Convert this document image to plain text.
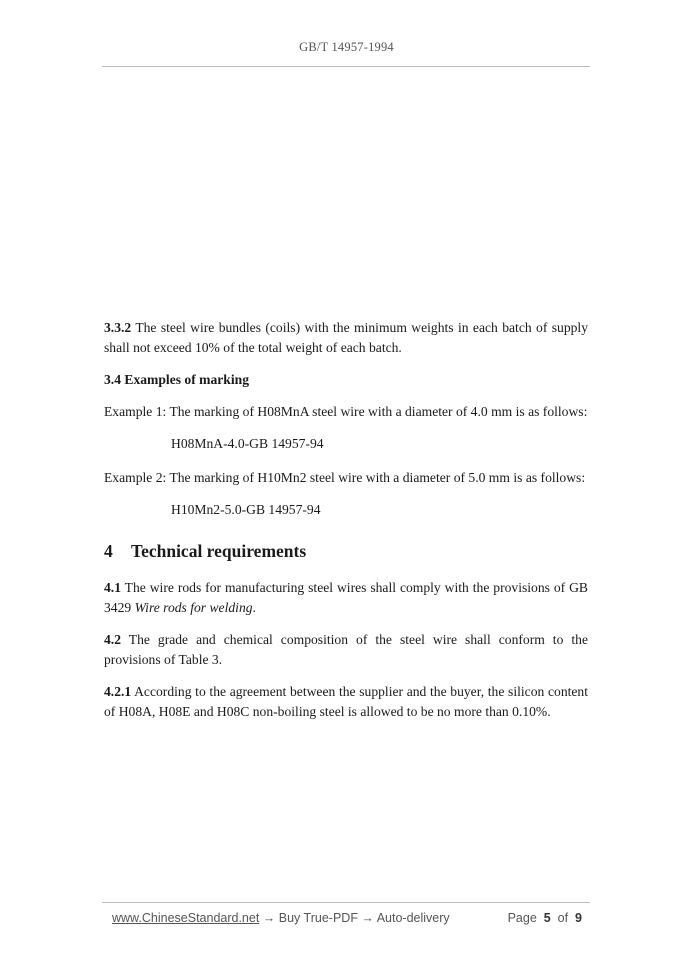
GB/T 14957-1994

3.3.2 The steel wire bundles (coils) with the minimum weights in each batch of supply shall not exceed 10% of the total weight of each batch.

3.4 Examples of marking

Example 1: The marking of H08MnA steel wire with a diameter of 4.0 mm is as follows:

H08MnA-4.0-GB 14957-94

Example 2: The marking of H10Mn2 steel wire with a diameter of 5.0 mm is as follows:

H10Mn2-5.0-GB 14957-94

4 Technical requirements

4.1 The wire rods for manufacturing steel wires shall comply with the provisions of GB 3429 Wire rods for welding.

4.2 The grade and chemical composition of the steel wire shall conform to the provisions of Table 3.

4.2.1 According to the agreement between the supplier and the buyer, the silicon content of H08A, H08E and H08C non-boiling steel is allowed to be no more than 0.10%.

www.ChineseStandard.net → Buy True-PDF → Auto-delivery	Page 5 of 9
